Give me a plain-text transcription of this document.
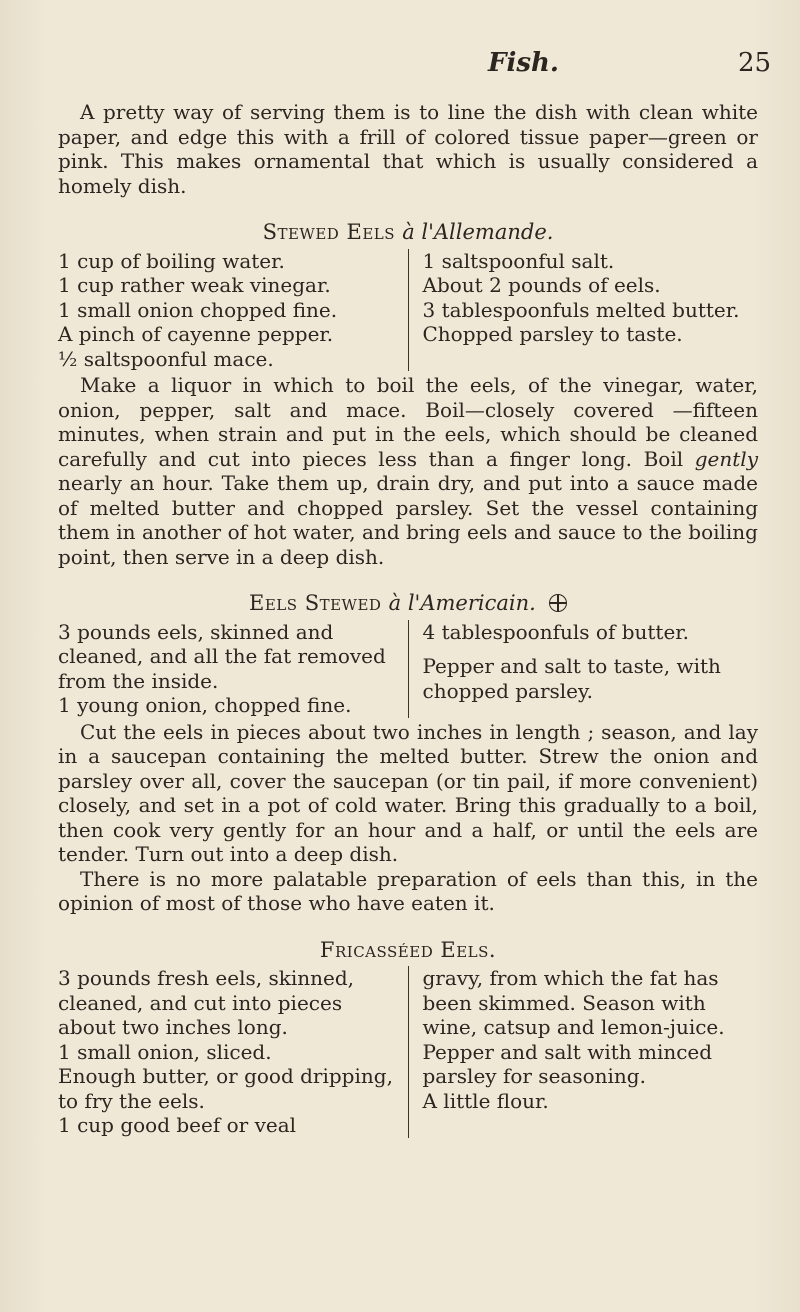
Fish.	25

A pretty way of serving them is to line the dish with clean white paper, and edge this with a frill of colored tissue paper—green or pink. This makes ornamental that which is usually considered a homely dish.

Stewed Eels à l'Allemande.
1 cup of boiling water.
1 cup rather weak vinegar.
1 small onion chopped fine.
A pinch of cayenne pepper.
½ saltspoonful mace.
1 saltspoonful salt.
About 2 pounds of eels.
3 tablespoonfuls melted butter.
Chopped parsley to taste.

Make a liquor in which to boil the eels, of the vinegar, water, onion, pepper, salt and mace. Boil—closely covered —fifteen minutes, when strain and put in the eels, which should be cleaned carefully and cut into pieces less than a finger long. Boil gently nearly an hour. Take them up, drain dry, and put into a sauce made of melted butter and chopped parsley. Set the vessel containing them in another of hot water, and bring eels and sauce to the boiling point, then serve in a deep dish.

Eels Stewed à l'Americain.
3 pounds eels, skinned and cleaned, and all the fat removed from the inside.
1 young onion, chopped fine.
4 tablespoonfuls of butter.
Pepper and salt to taste, with chopped parsley.

Cut the eels in pieces about two inches in length ; season, and lay in a saucepan containing the melted butter. Strew the onion and parsley over all, cover the saucepan (or tin pail, if more convenient) closely, and set in a pot of cold water. Bring this gradually to a boil, then cook very gently for an hour and a half, or until the eels are tender. Turn out into a deep dish.

There is no more palatable preparation of eels than this, in the opinion of most of those who have eaten it.

Fricasséed Eels.
3 pounds fresh eels, skinned, cleaned, and cut into pieces about two inches long.
1 small onion, sliced.
Enough butter, or good dripping, to fry the eels.
1 cup good beef or veal
gravy, from which the fat has been skimmed. Season with wine, catsup and lemon-juice.
Pepper and salt with minced parsley for seasoning.
A little flour.
